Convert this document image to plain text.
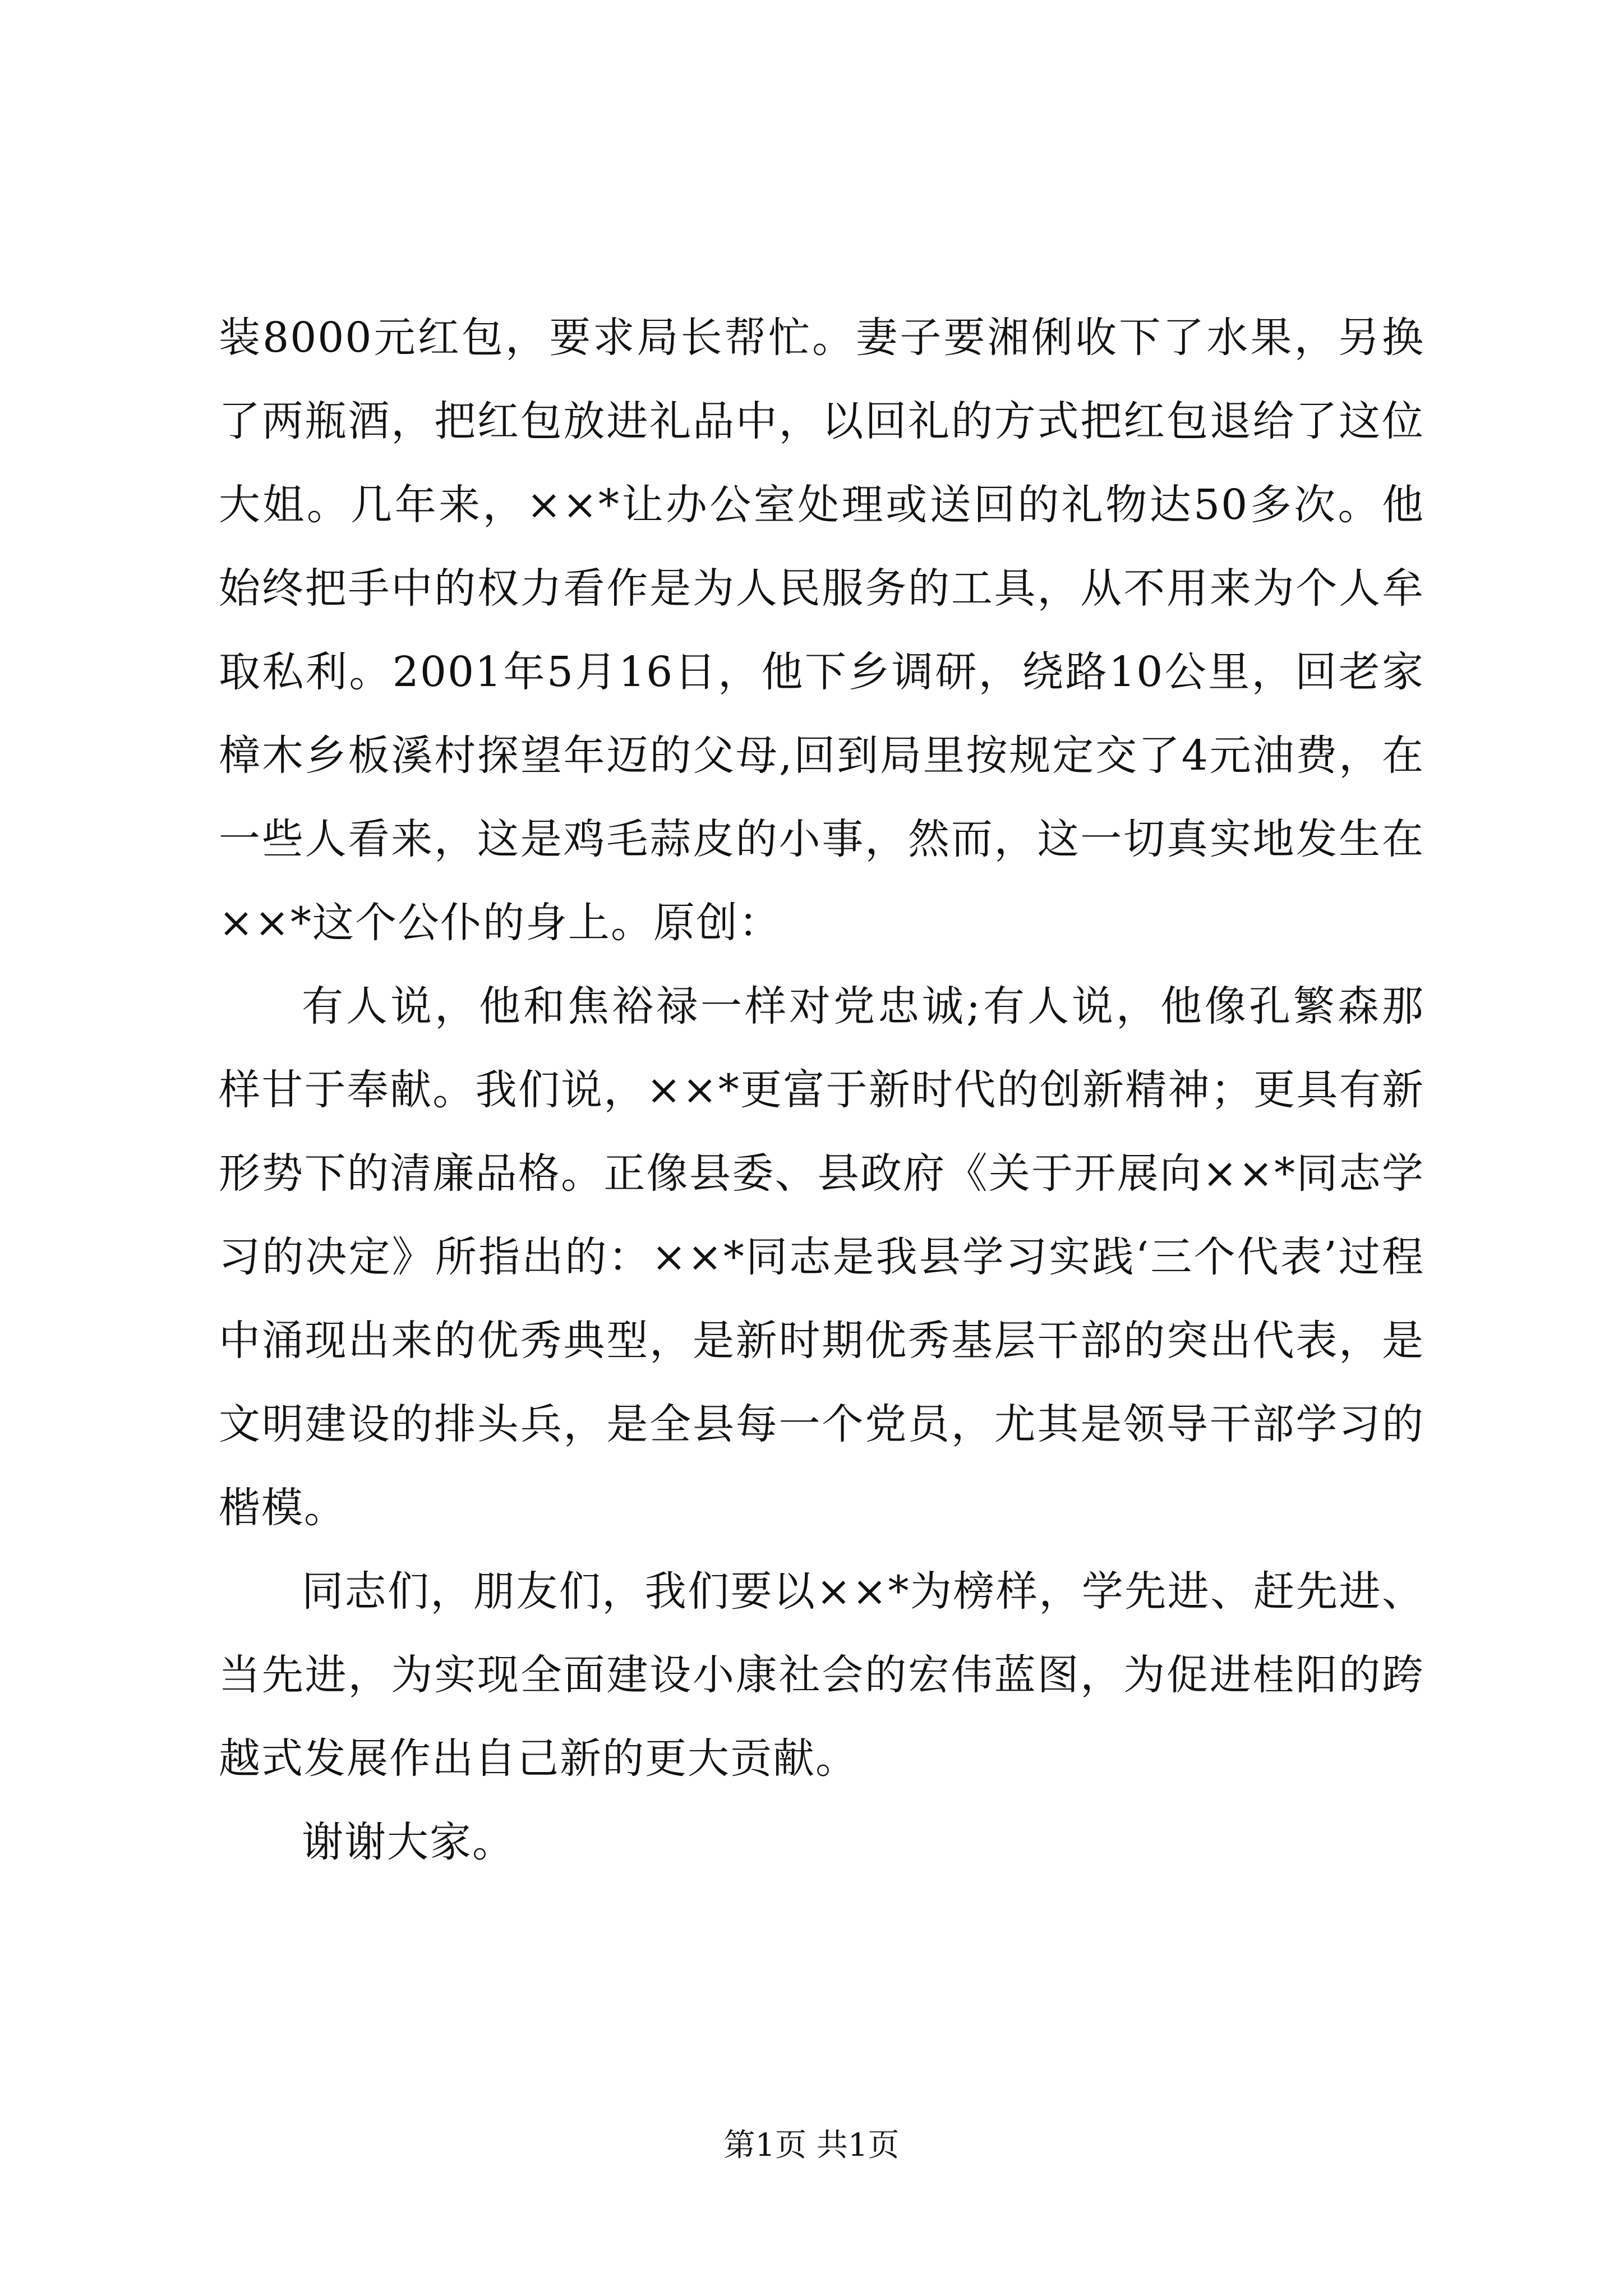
装8000元红包，要求局长帮忙。妻子要湘俐收下了水果，另换了两瓶酒，把红包放进礼品中，以回礼的方式把红包退给了这位大姐。几年来，××*让办公室处理或送回的礼物达50多次。他始终把手中的权力看作是为人民服务的工具，从不用来为个人牟取私利。2001年5月16日，他下乡调研，绕路10公里，回老家樟木乡板溪村探望年迈的父母,回到局里按规定交了4元油费，在一些人看来，这是鸡毛蒜皮的小事，然而，这一切真实地发生在××*这个公仆的身上。原创：

有人说，他和焦裕禄一样对党忠诚;有人说，他像孔繁森那样甘于奉献。我们说，××*更富于新时代的创新精神；更具有新形势下的清廉品格。正像县委、县政府《关于开展向××*同志学习的决定》所指出的：××*同志是我县学习实践‘三个代表’过程中涌现出来的优秀典型，是新时期优秀基层干部的突出代表，是文明建设的排头兵，是全县每一个党员，尤其是领导干部学习的楷模。

同志们，朋友们，我们要以××*为榜样，学先进、赶先进、当先进，为实现全面建设小康社会的宏伟蓝图，为促进桂阳的跨越式发展作出自己新的更大贡献。

谢谢大家。

第1页 共1页
